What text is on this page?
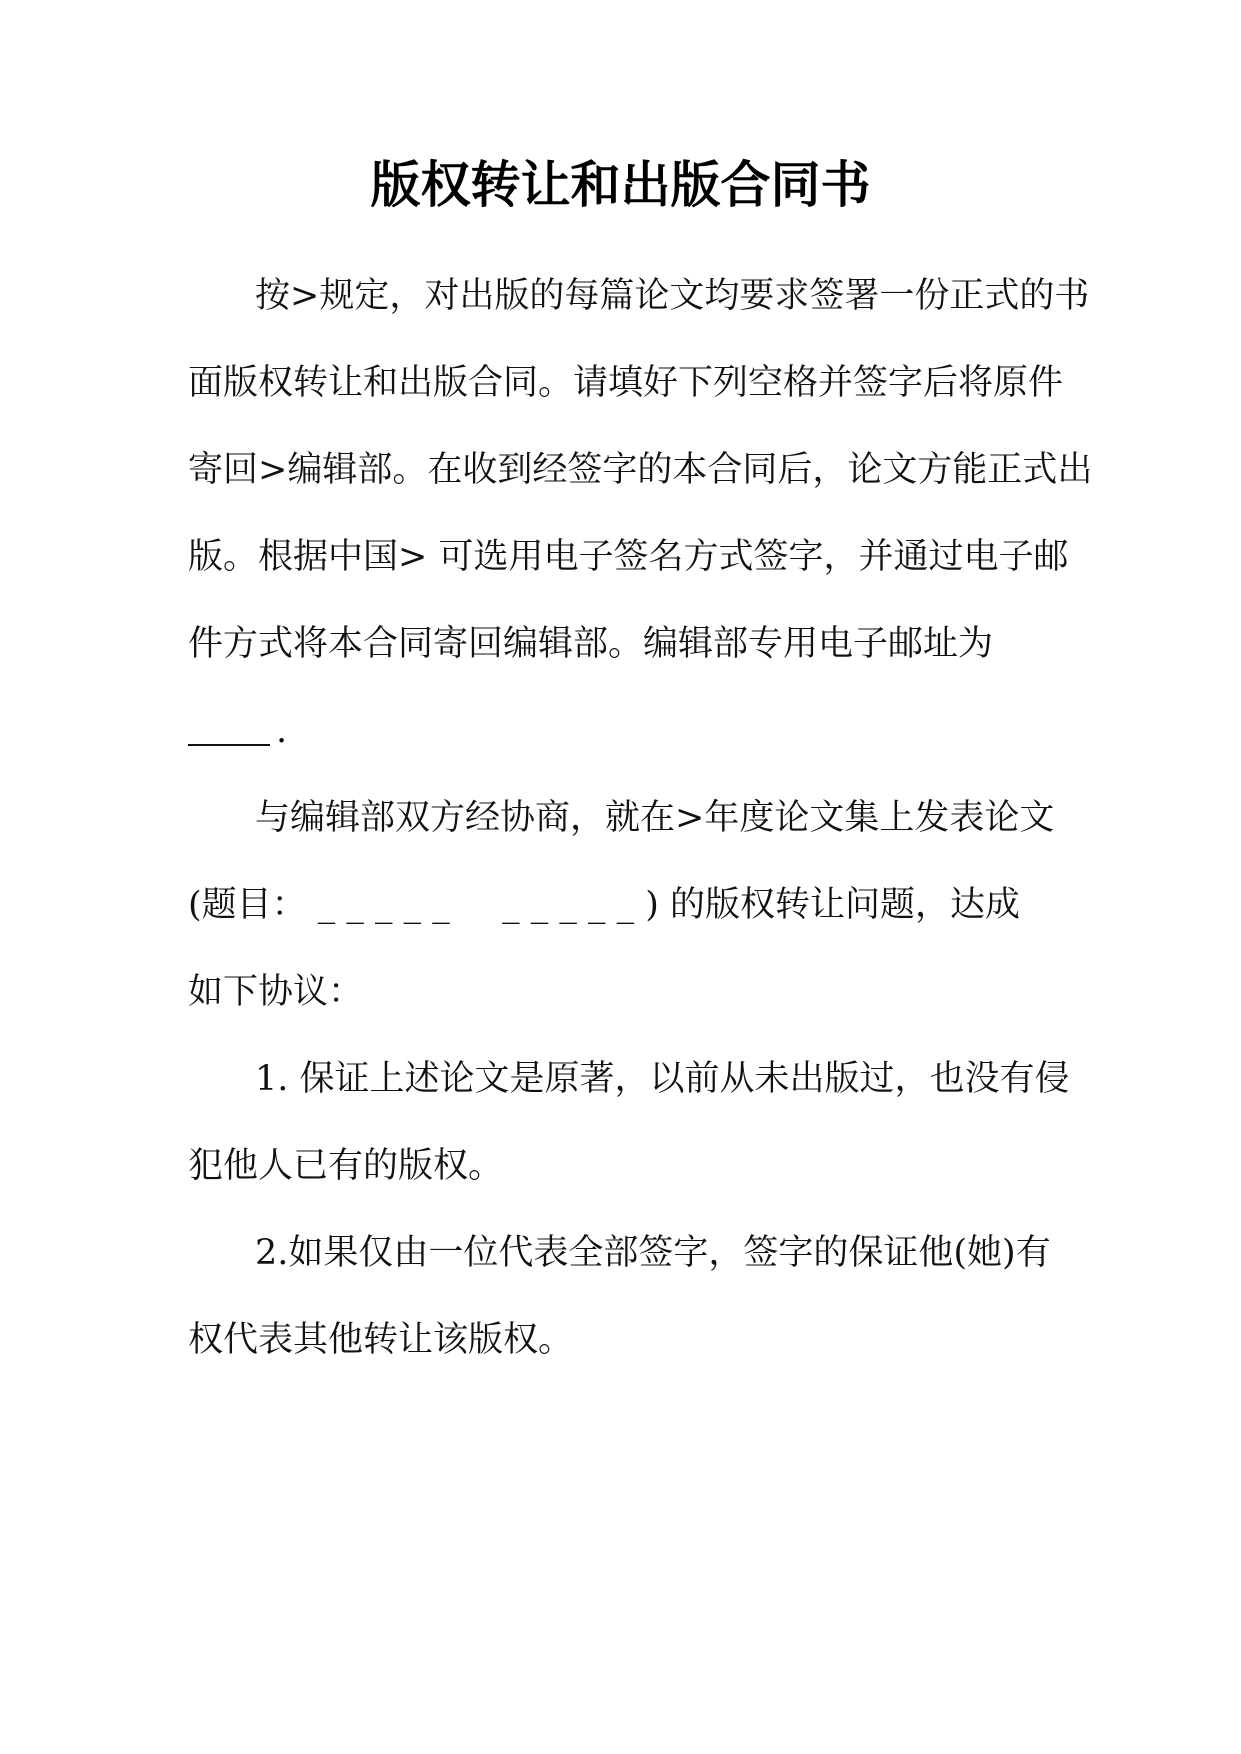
版权转让和出版合同书
按>规定，对出版的每篇论文均要求签署一份正式的书
面版权转让和出版合同。请填好下列空格并签字后将原件
寄回>编辑部。在收到经签字的本合同后，论文方能正式出
版。根据中国> 可选用电子签名方式签字，并通过电子邮
件方式将本合同寄回编辑部。编辑部专用电子邮址为
.
与编辑部双方经协商，就在>年度论文集上发表论文
(题目： _ _ _ _ _ _ _ _ _ _ ) 的版权转让问题，达成
如下协议：
1. 保证上述论文是原著，以前从未出版过，也没有侵
犯他人已有的版权。
2.如果仅由一位代表全部签字，签字的保证他(她)有
权代表其他转让该版权。
